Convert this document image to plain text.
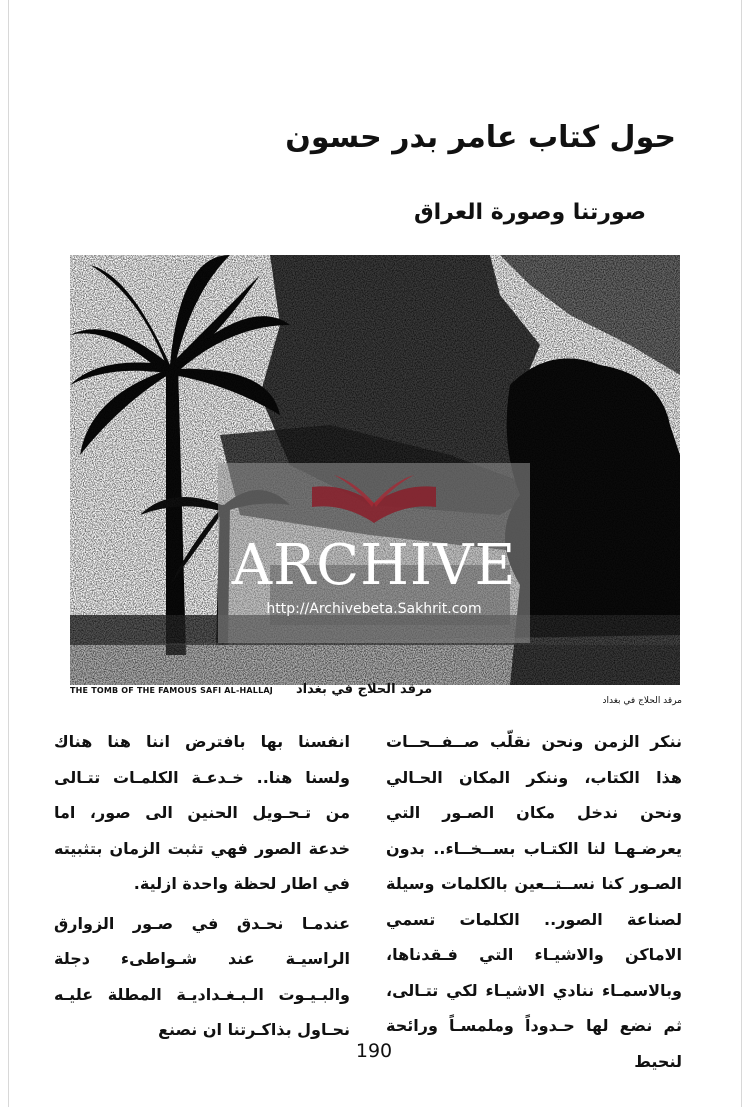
حول كتاب عامر بدر حسون
صورتنا وصورة العراق
THE TOMB OF THE FAMOUS SAFI AL-HALLAJ مرقد الحلاج في بغداد
مرقد الحلاج في بغداد

ننكر الزمن ونحن نقلّب صــفــحــات هذا الكتاب، وننكر المكان الحـالي ونحن ندخل مكان الصـور التي يعرضـهـا لنا الكتـاب بســخــاء.. بدون الصـور كنا نســتــعين بالكلمات وسيلة لصناعة الصور.. الكلمات تسمي الاماكن والاشيـاء التي فـقدناها، وبالاسمـاء ننادي الاشيـاء لكي تتـالى، ثم نضع لها حـدوداً وملمسـاً ورائحة لنحيط

انفسنا بها بافترض اننا هنا هناك ولسنا هنا.. خـدعـة الكلمـات تتـالى من تـحـويل الحنين الى صور، اما خدعة الصور فهي تثبت الزمان بتثبيته في اطار لحظة واحدة ازلية.

عندمـا نحـدق في صـور الزوارق الراسيـة عند شـواطىء دجلة والبـيـوت الـبـغـداديـة المطلة عليـه نحـاول بذاكـرتنا ان نصنع

190
ARCHIVE
http://Archivebeta.Sakhrit.com
